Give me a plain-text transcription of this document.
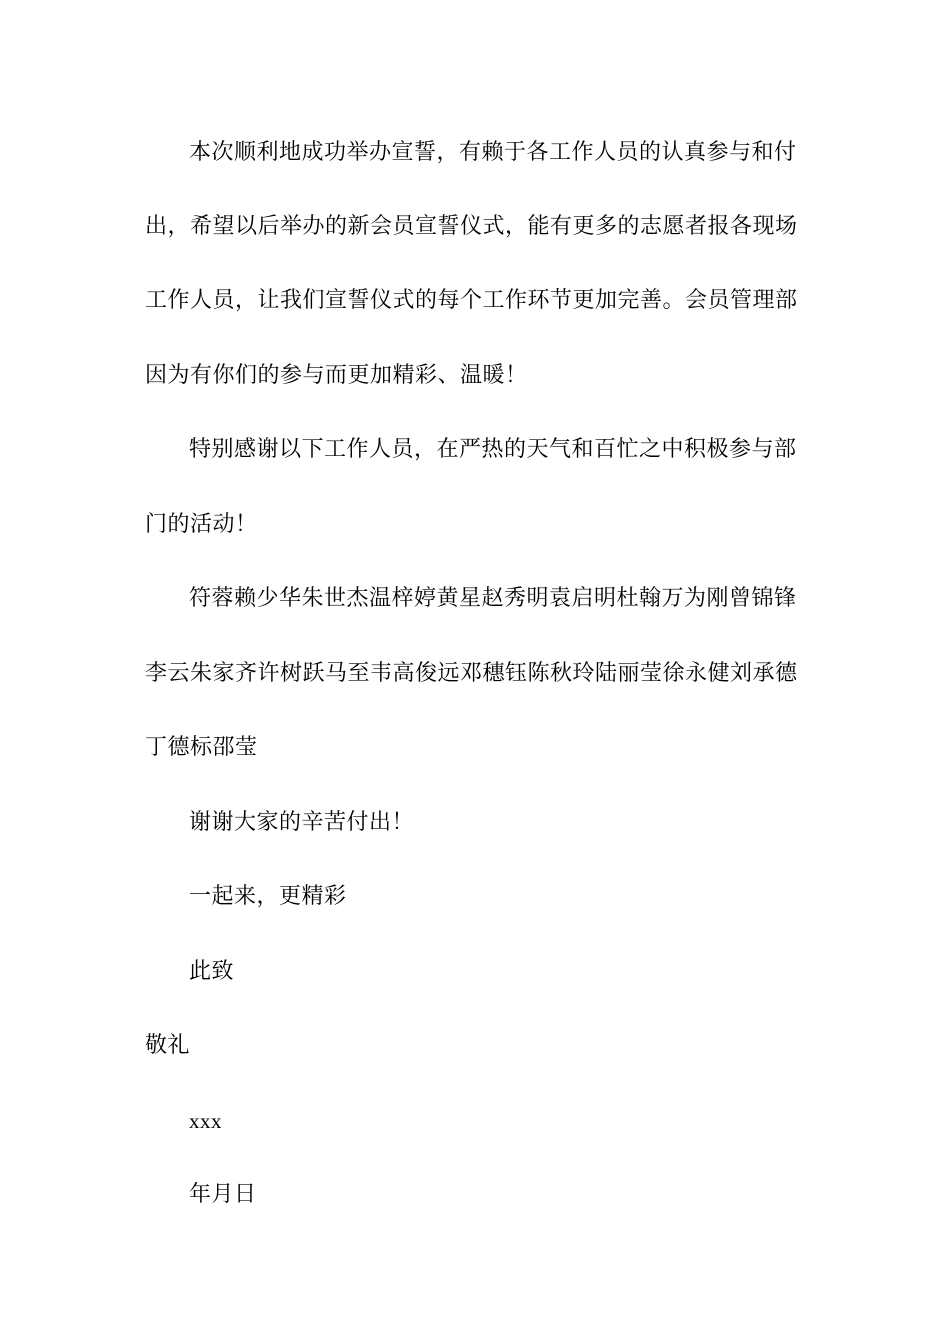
本次顺利地成功举办宣誓，有赖于各工作人员的认真参与和付
出，希望以后举办的新会员宣誓仪式，能有更多的志愿者报各现场
工作人员，让我们宣誓仪式的每个工作环节更加完善。会员管理部
因为有你们的参与而更加精彩、温暖！
特别感谢以下工作人员，在严热的天气和百忙之中积极参与部
门的活动！
符蓉赖少华朱世杰温梓婷黄星赵秀明袁启明杜翰万为刚曾锦锋
李云朱家齐许树跃马至韦高俊远邓穗钰陈秋玲陆丽莹徐永健刘承德
丁德标邵莹
谢谢大家的辛苦付出！
一起来，更精彩
此致
敬礼
xxx
年月日
